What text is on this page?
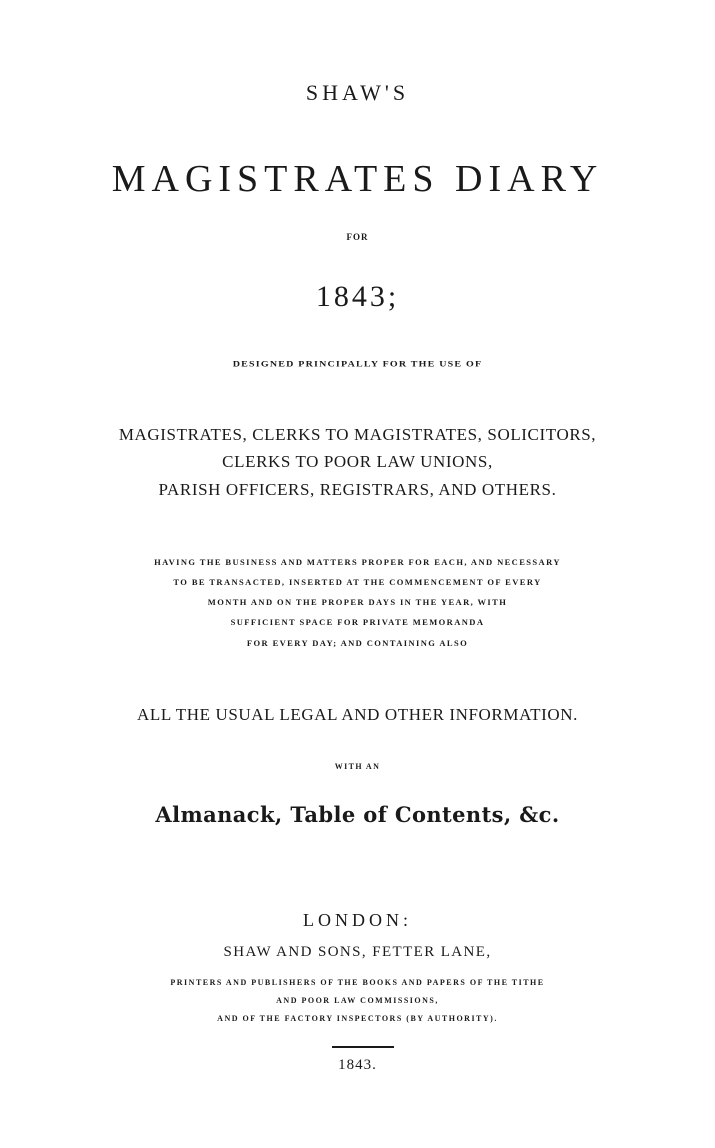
SHAW'S
MAGISTRATES DIARY
FOR
1843;
DESIGNED PRINCIPALLY FOR THE USE OF
MAGISTRATES, CLERKS TO MAGISTRATES, SOLICITORS,
CLERKS TO POOR LAW UNIONS,
PARISH OFFICERS, REGISTRARS, AND OTHERS.
HAVING THE BUSINESS AND MATTERS PROPER FOR EACH, AND NECESSARY
TO BE TRANSACTED, INSERTED AT THE COMMENCEMENT OF EVERY
MONTH AND ON THE PROPER DAYS IN THE YEAR, WITH
SUFFICIENT SPACE FOR PRIVATE MEMORANDA
FOR EVERY DAY; AND CONTAINING ALSO
ALL THE USUAL LEGAL AND OTHER INFORMATION.
WITH AN
Almanack, Table of Contents, &c.
LONDON:
SHAW AND SONS, FETTER LANE,
PRINTERS AND PUBLISHERS OF THE BOOKS AND PAPERS OF THE TITHE
AND POOR LAW COMMISSIONS,
AND OF THE FACTORY INSPECTORS (BY AUTHORITY).
1843.
